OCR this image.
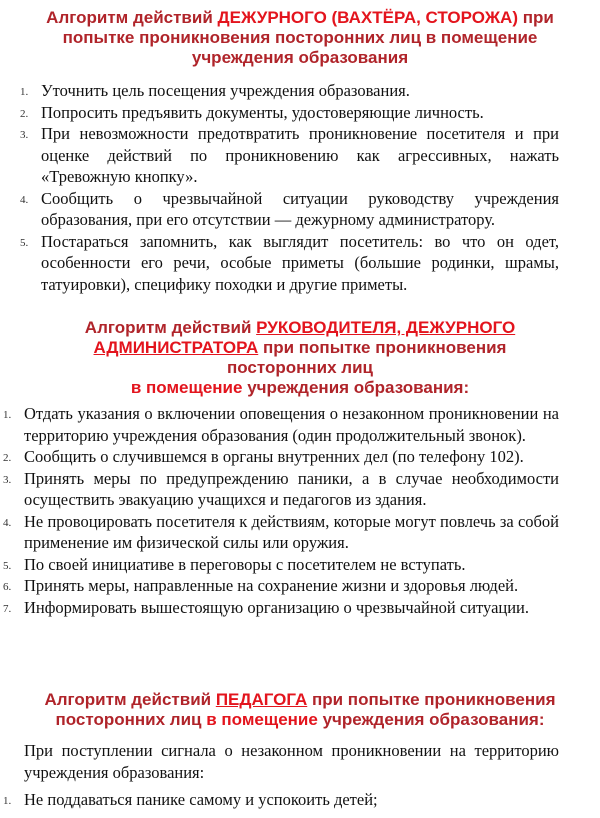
Алгоритм действий ДЕЖУРНОГО (ВАХТЁРА, СТОРОЖА) при
попытке проникновения посторонних лиц в помещение
учреждения образования
1. Уточнить цель посещения учреждения образования.
2. Попросить предъявить документы, удостоверяющие личность.
3. При невозможности предотвратить проникновение посетителя и при оценке действий по проникновению как агрессивных, нажать «Тревожную кнопку».
4. Сообщить о чрезвычайной ситуации руководству учреждения образования, при его отсутствии — дежурному администратору.
5. Постараться запомнить, как выглядит посетитель: во что он одет, особенности его речи, особые приметы (большие родинки, шрамы, татуировки), специфику походки и другие приметы.
Алгоритм действий РУКОВОДИТЕЛЯ, ДЕЖУРНОГО
АДМИНИСТРАТОРА при попытке проникновения
посторонних лиц
в помещение учреждения образования:
1. Отдать указания о включении оповещения о незаконном проникновении на территорию учреждения образования (один продолжительный звонок).
2. Сообщить о случившемся в органы внутренних дел (по телефону 102).
3. Принять меры по предупреждению паники, а в случае необходимости осуществить эвакуацию учащихся и педагогов из здания.
4. Не провоцировать посетителя к действиям, которые могут повлечь за собой применение им физической силы или оружия.
5. По своей инициативе в переговоры с посетителем не вступать.
6. Принять меры, направленные на сохранение жизни и здоровья людей.
7. Информировать вышестоящую организацию о чрезвычайной ситуации.
Алгоритм действий ПЕДАГОГА при попытке проникновения
посторонних лиц в помещение учреждения образования:

При поступлении сигнала о незаконном проникновении на территорию учреждения образования:

1. Не поддаваться панике самому и успокоить детей;
